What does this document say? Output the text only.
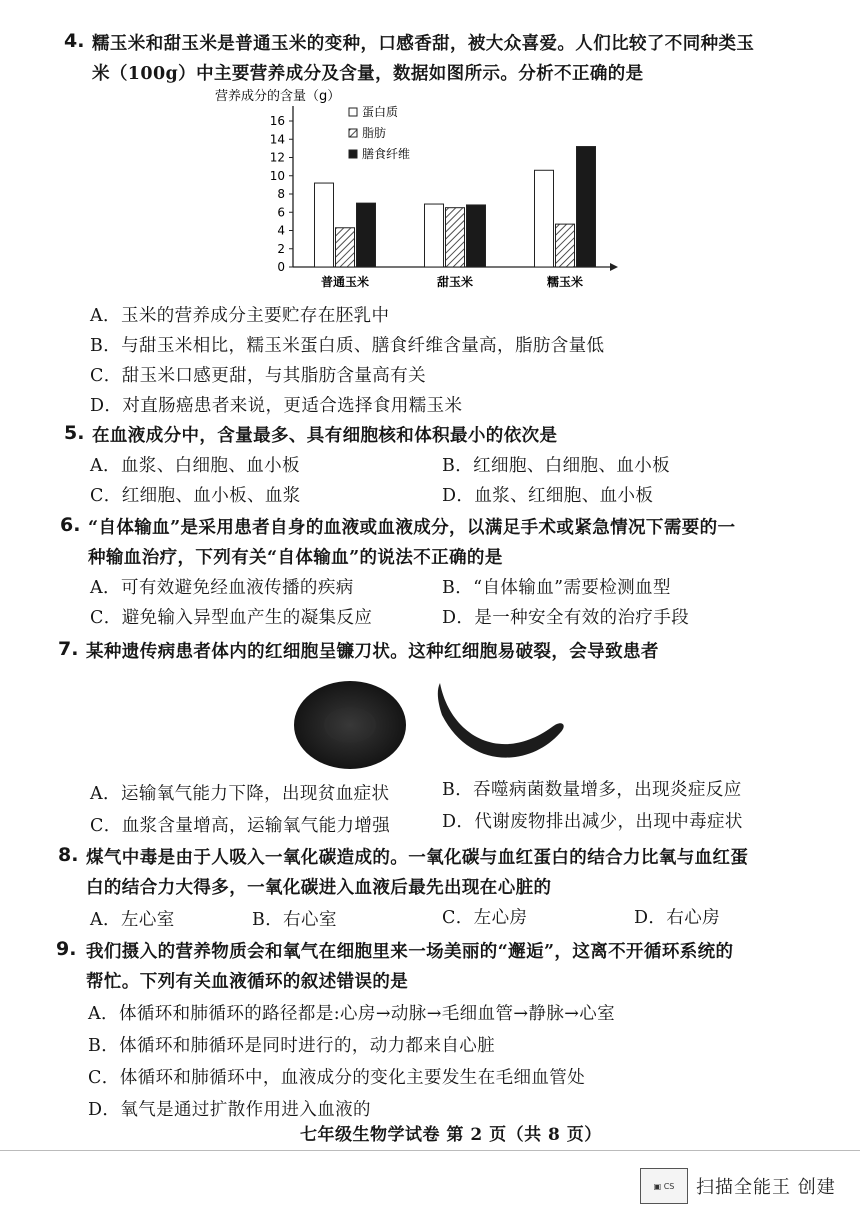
4. 糯玉米和甜玉米是普通玉米的变种，口感香甜，被大众喜爱。人们比较了不同种类玉
米（100g）中主要营养成分及含量，数据如图所示。分析不正确的是
营养成分的含量（g）
0
2
4
6
8
10
12
14
16
普通玉米	甜玉米	糯玉米
蛋白质
脂肪
膳食纤维
A．玉米的营养成分主要贮存在胚乳中
B．与甜玉米相比，糯玉米蛋白质、膳食纤维含量高，脂肪含量低
C．甜玉米口感更甜，与其脂肪含量高有关
D．对直肠癌患者来说，更适合选择食用糯玉米
5. 在血液成分中，含量最多、具有细胞核和体积最小的依次是
A．血浆、白细胞、血小板	B．红细胞、白细胞、血小板
C．红细胞、血小板、血浆	D．血浆、红细胞、血小板
6. “自体输血”是采用患者自身的血液或血液成分，以满足手术或紧急情况下需要的一
种输血治疗，下列有关“自体输血”的说法不正确的是
A．可有效避免经血液传播的疾病	B．“自体输血”需要检测血型
C．避免输入异型血产生的凝集反应	D．是一种安全有效的治疗手段
7. 某种遗传病患者体内的红细胞呈镰刀状。这种红细胞易破裂，会导致患者
A．运输氧气能力下降，出现贫血症状	B．吞噬病菌数量增多，出现炎症反应
C．血浆含量增高，运输氧气能力增强	D．代谢废物排出减少，出现中毒症状
8. 煤气中毒是由于人吸入一氧化碳造成的。一氧化碳与血红蛋白的结合力比氧与血红蛋
白的结合力大得多，一氧化碳进入血液后最先出现在心脏的
A．左心室	B．右心室	C．左心房	D．右心房
9. 我们摄入的营养物质会和氧气在细胞里来一场美丽的“邂逅”，这离不开循环系统的
帮忙。下列有关血液循环的叙述错误的是
A．体循环和肺循环的路径都是:心房→动脉→毛细血管→静脉→心室
B．体循环和肺循环是同时进行的，动力都来自心脏
C．体循环和肺循环中，血液成分的变化主要发生在毛细血管处
D．氧气是通过扩散作用进入血液的
七年级生物学试卷 第 2 页（共 8 页）
▣ CS	扫描全能王 创建
